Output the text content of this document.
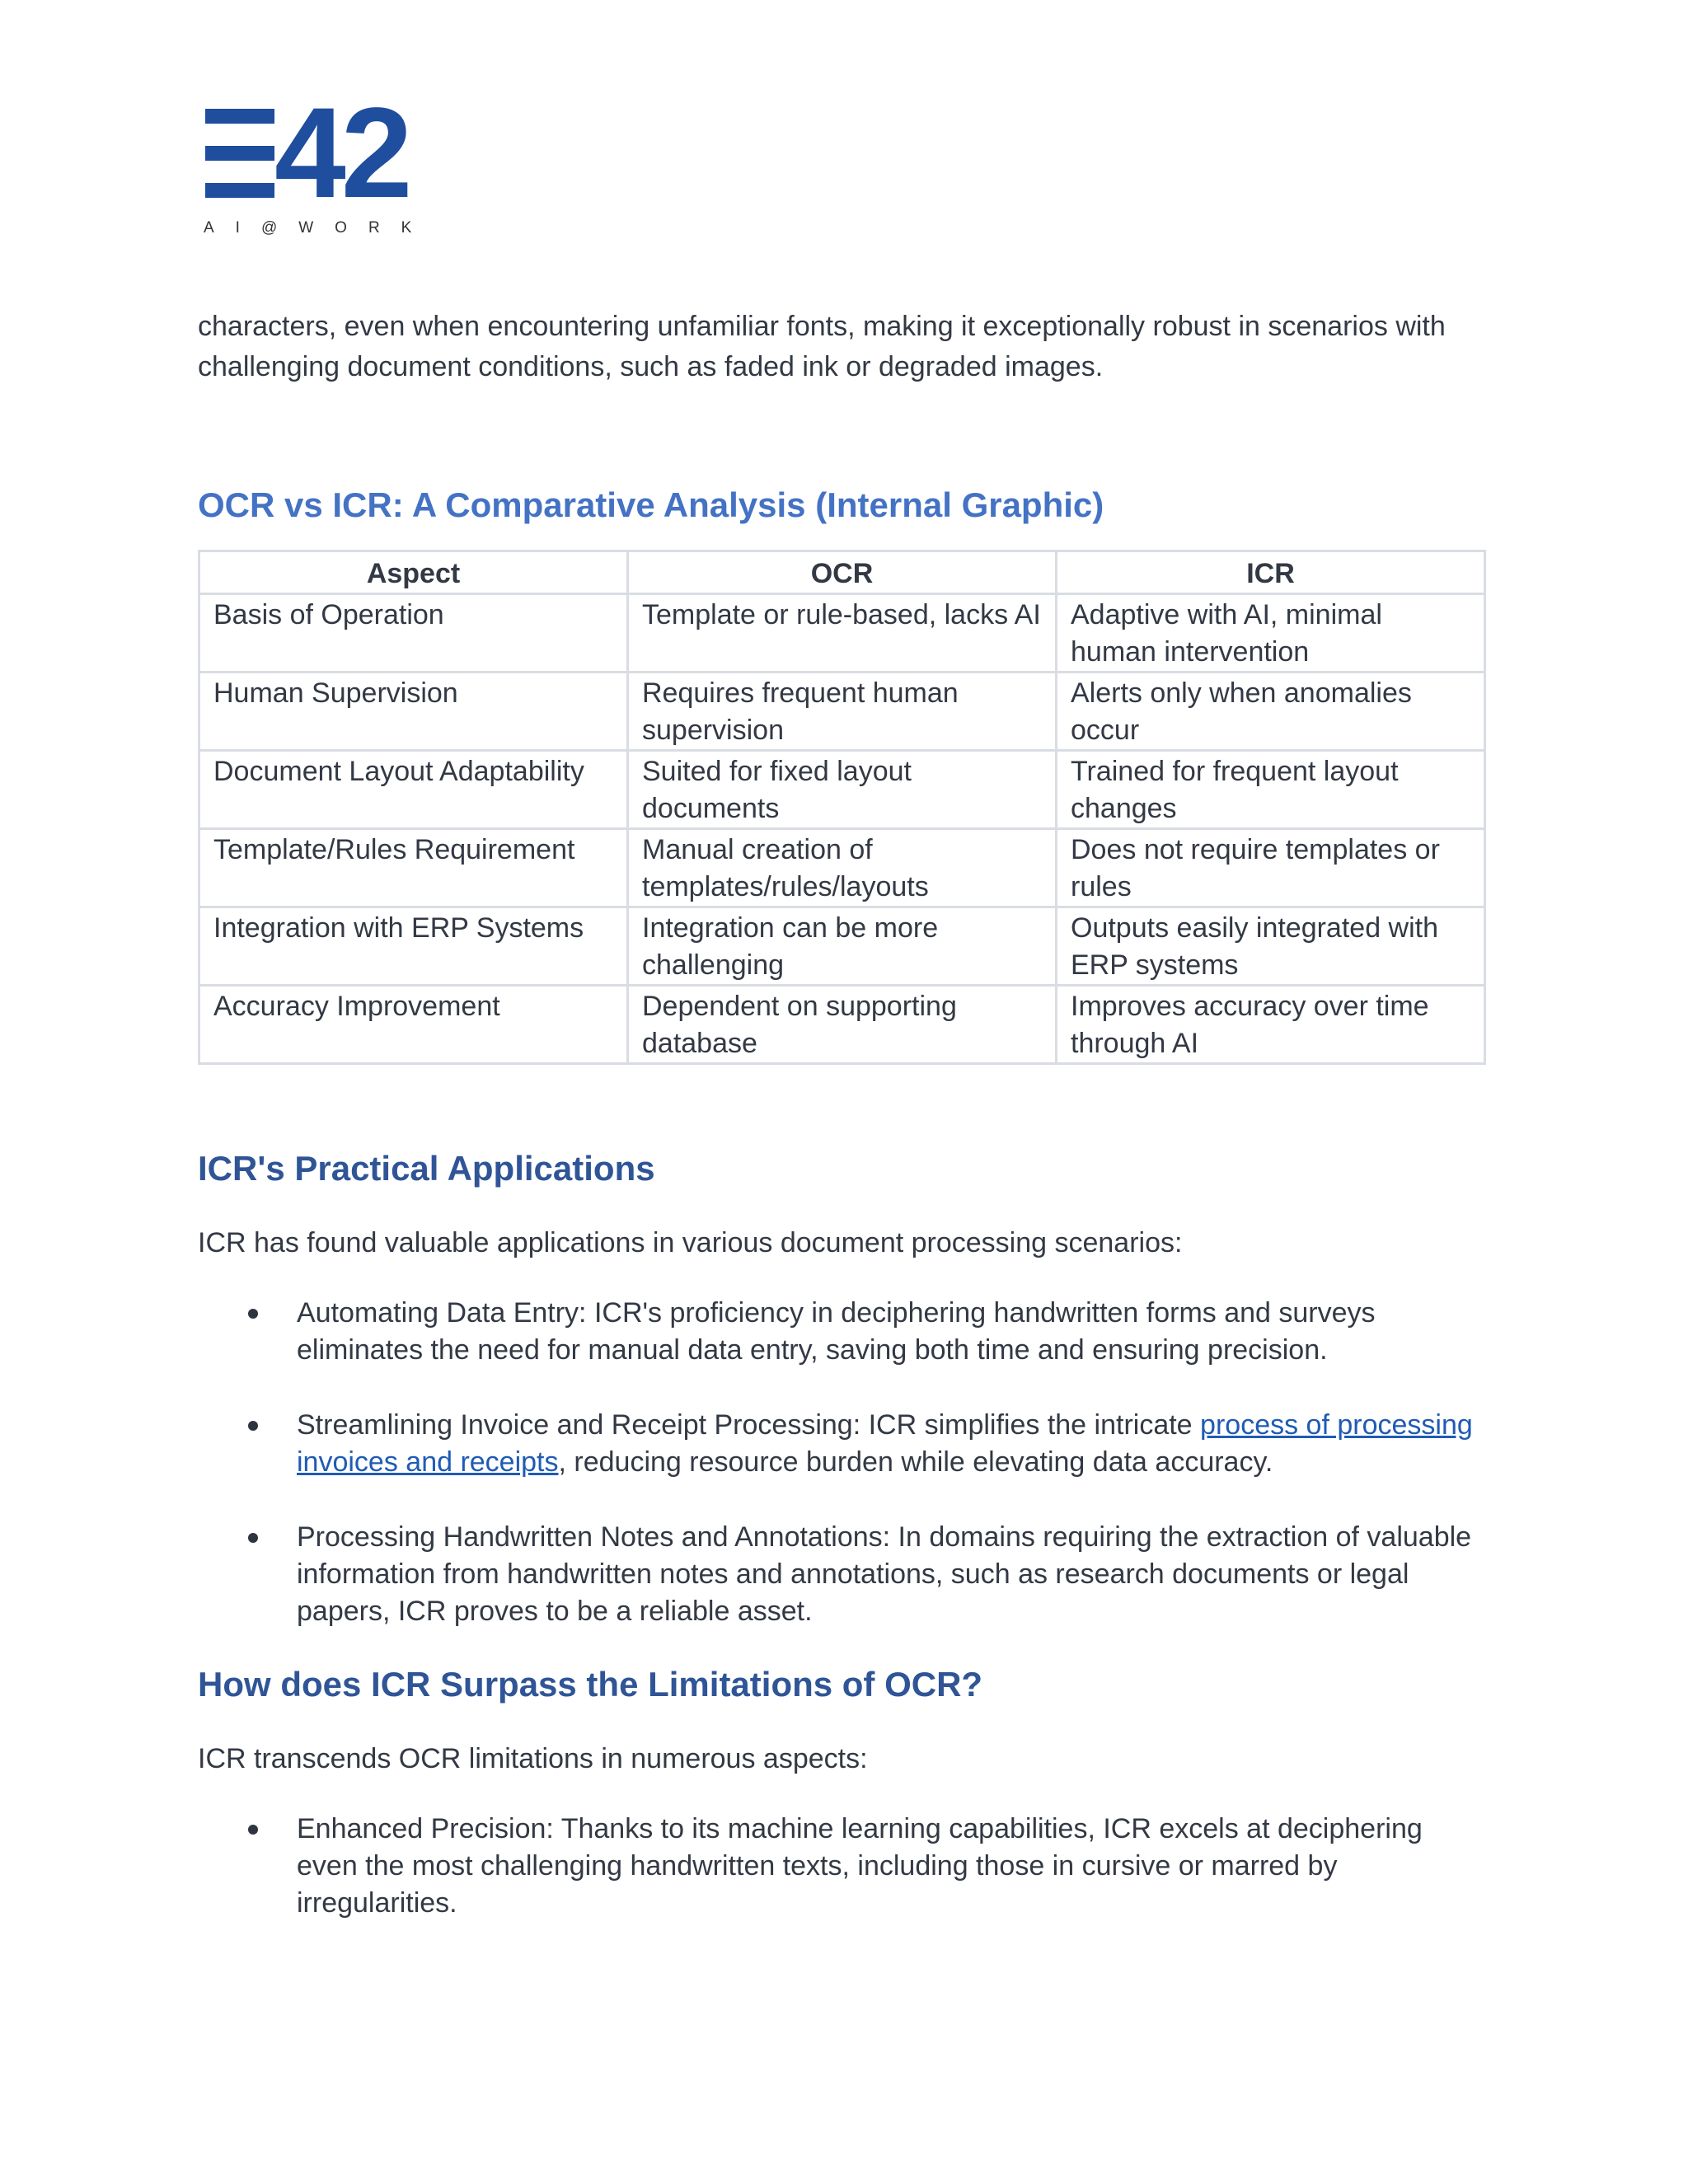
42
AI@WORK

characters, even when encountering unfamiliar fonts, making it exceptionally robust in scenarios with challenging document conditions, such as faded ink or degraded images.

OCR vs ICR: A Comparative Analysis (Internal Graphic)
Aspect	OCR	ICR
Basis of Operation	Template or rule-based, lacks AI	Adaptive with AI, minimal human intervention
Human Supervision	Requires frequent human supervision	Alerts only when anomalies occur
Document Layout Adaptability	Suited for fixed layout documents	Trained for frequent layout changes
Template/Rules Requirement	Manual creation of templates/rules/layouts	Does not require templates or rules
Integration with ERP Systems	Integration can be more challenging	Outputs easily integrated with ERP systems
Accuracy Improvement	Dependent on supporting database	Improves accuracy over time through AI
ICR's Practical Applications

ICR has found valuable applications in various document processing scenarios:

Automating Data Entry: ICR's proficiency in deciphering handwritten forms and surveys eliminates the need for manual data entry, saving both time and ensuring precision.
Streamlining Invoice and Receipt Processing: ICR simplifies the intricate process of processing invoices and receipts, reducing resource burden while elevating data accuracy.
Processing Handwritten Notes and Annotations: In domains requiring the extraction of valuable information from handwritten notes and annotations, such as research documents or legal papers, ICR proves to be a reliable asset.
How does ICR Surpass the Limitations of OCR?

ICR transcends OCR limitations in numerous aspects:

Enhanced Precision: Thanks to its machine learning capabilities, ICR excels at deciphering even the most challenging handwritten texts, including those in cursive or marred by irregularities.
